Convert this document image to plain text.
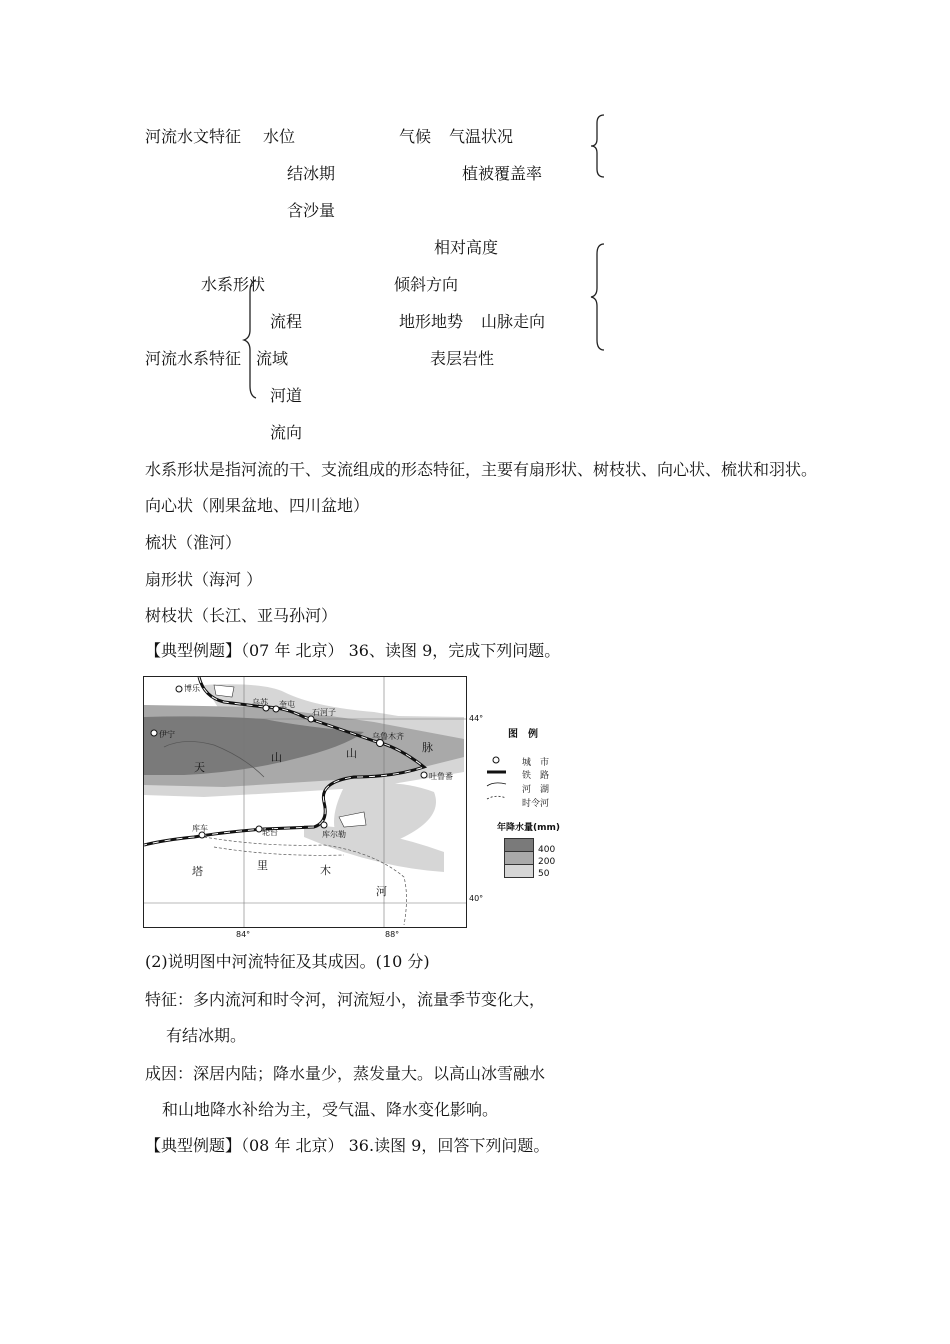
河流水文特征 水位
结冰期
含沙量
气候 气温状况
植被覆盖率
相对高度
水系形状	倾斜方向
流程	地形地势 山脉走向
河流水系特征 流域	表层岩性
河道
流向
水系形状是指河流的干、支流组成的形态特征，主要有扇形状、树枝状、向心状、梳状和羽状。
向心状（刚果盆地、四川盆地）
梳状（淮河）
扇形状（海河 ）
树枝状（长江、亚马孙河）
【典型例题】（07 年 北京） 36、读图 9，完成下列问题。
博乐
伊宁
乌苏 奎屯
石河子
乌鲁木齐
吐鲁番
库车	轮台	库尔勒
天
山	山	脉
塔	里	木
河
44°
40°
84°	88°
图　例
城　市
铁　路
河　湖
时令河
年降水量(mm)
400
200
50
(2)说明图中河流特征及其成因。(10 分)
特征：多内流河和时令河，河流短小，流量季节变化大，
有结冰期。
成因：深居内陆；降水量少，蒸发量大。以高山冰雪融水
和山地降水补给为主，受气温、降水变化影响。
【典型例题】（08 年 北京） 36.读图 9，回答下列问题。
